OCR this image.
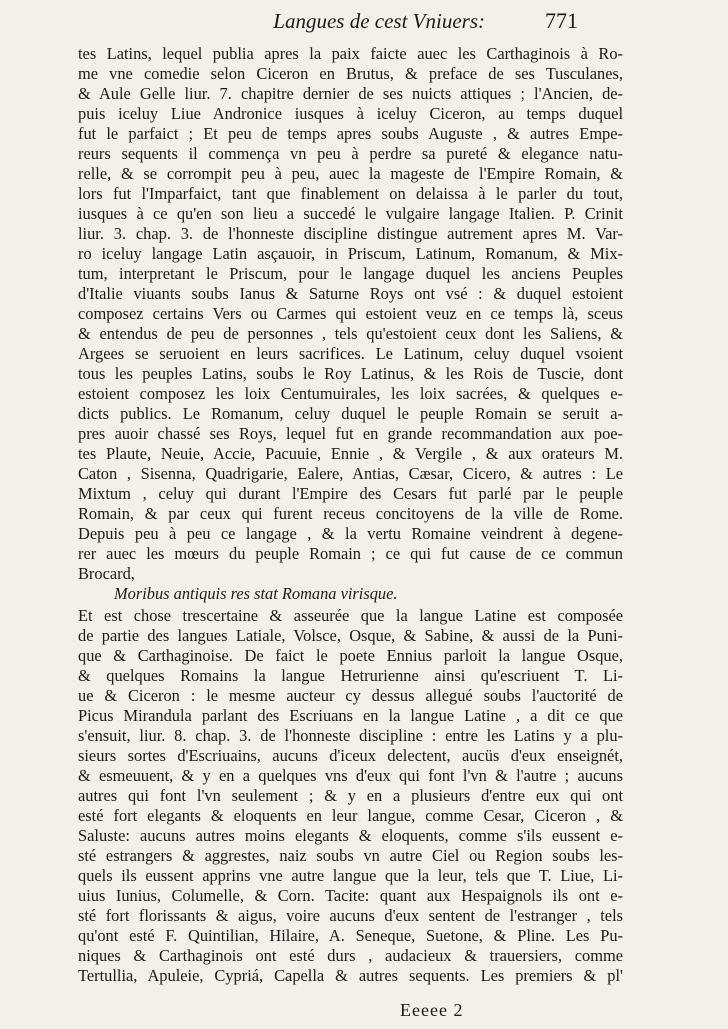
Langues de cest Vniuers:	771
tes Latins, lequel publia apres la paix faicte auec les Carthaginois à Ro-
me vne comedie selon Ciceron en Brutus, & preface de ses Tusculanes,
& Aule Gelle liur. 7. chapitre dernier de ses nuicts attiques ; l'Ancien, de-
puis iceluy Liue Andronice iusques à iceluy Ciceron, au temps duquel
fut le parfaict ; Et peu de temps apres soubs Auguste , & autres Empe-
reurs sequents il commença vn peu à perdre sa pureté & elegance natu-
relle, & se corrompit peu à peu, auec la mageste de l'Empire Romain, &
lors fut l'Imparfaict, tant que finablement on delaissa à le parler du tout,
iusques à ce qu'en son lieu a succedé le vulgaire langage Italien. P. Crinit
liur. 3. chap. 3. de l'honneste discipline distingue autrement apres M. Var-
ro iceluy langage Latin asçauoir, in Priscum, Latinum, Romanum, & Mix-
tum, interpretant le Priscum, pour le langage duquel les anciens Peuples
d'Italie viuants soubs Ianus & Saturne Roys ont vsé : & duquel estoient
composez certains Vers ou Carmes qui estoient veuz en ce temps là, sceus
& entendus de peu de personnes , tels qu'estoient ceux dont les Saliens, &
Argees se seruoient en leurs sacrifices. Le Latinum, celuy duquel vsoient
tous les peuples Latins, soubs le Roy Latinus, & les Rois de Tuscie, dont
estoient composez les loix Centumuirales, les loix sacrées, & quelques e-
dicts publics. Le Romanum, celuy duquel le peuple Romain se seruit a-
pres auoir chassé ses Roys, lequel fut en grande recommandation aux poe-
tes Plaute, Neuie, Accie, Pacuuie, Ennie , & Vergile , & aux orateurs M.
Caton , Sisenna, Quadrigarie, Ealere, Antias, Cæsar, Cicero, & autres : Le
Mixtum , celuy qui durant l'Empire des Cesars fut parlé par le peuple
Romain, & par ceux qui furent receus concitoyens de la ville de Rome.
Depuis peu à peu ce langage , & la vertu Romaine veindrent à degene-
rer auec les mœurs du peuple Romain ; ce qui fut cause de ce commun
Brocard,
Moribus antiquis res stat Romana virisque.
Et est chose trescertaine & asseurée que la langue Latine est composée
de partie des langues Latiale, Volsce, Osque, & Sabine, & aussi de la Puni-
que & Carthaginoise. De faict le poete Ennius parloit la langue Osque,
& quelques Romains la langue Hetrurienne ainsi qu'escriuent T. Li-
ue & Ciceron : le mesme aucteur cy dessus allegué soubs l'auctorité de
Picus Mirandula parlant des Escriuans en la langue Latine , a dit ce que
s'ensuit, liur. 8. chap. 3. de l'honneste discipline : entre les Latins y a plu-
sieurs sortes d'Escriuains, aucuns d'iceux delectent, aucüs d'eux enseignét,
& esmeuuent, & y en a quelques vns d'eux qui font l'vn & l'autre ; aucuns
autres qui font l'vn seulement ; & y en a plusieurs d'entre eux qui ont
esté fort elegants & eloquents en leur langue, comme Cesar, Ciceron , &
Saluste: aucuns autres moins elegants & eloquents, comme s'ils eussent e-
sté estrangers & aggrestes, naiz soubs vn autre Ciel ou Region soubs les-
quels ils eussent apprins vne autre langue que la leur, tels que T. Liue, Li-
uius Iunius, Columelle, & Corn. Tacite: quant aux Hespaignols ils ont e-
sté fort florissants & aigus, voire aucuns d'eux sentent de l'estranger , tels
qu'ont esté F. Quintilian, Hilaire, A. Seneque, Suetone, & Pline. Les Pu-
niques & Carthaginois ont esté durs , audacieux & trauersiers, comme
Tertullia, Apuleie, Cypriá, Capella & autres sequents. Les premiers & pl'
Eeeee 2
